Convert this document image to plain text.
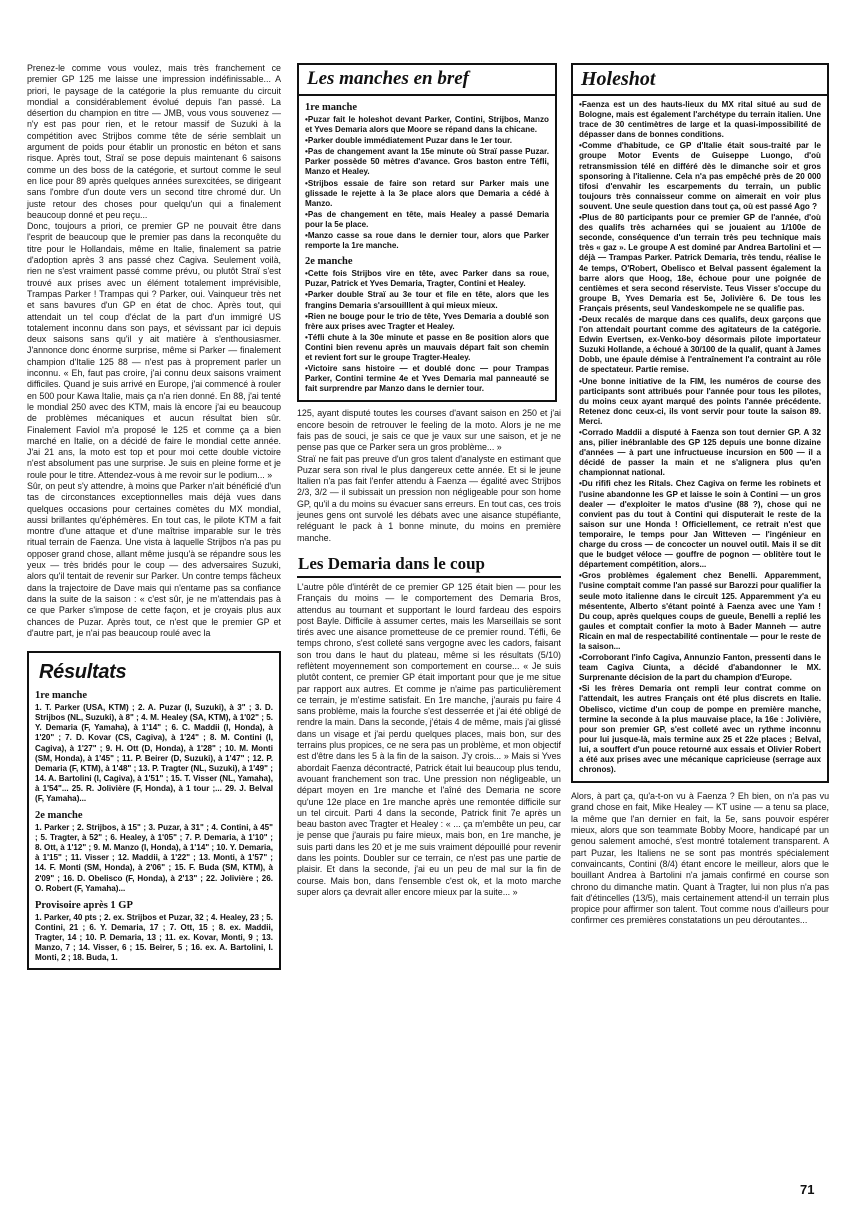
Prenez-le comme vous voulez, mais très franchement ce premier GP 125 me laisse une impression indéfinissable... A priori, le paysage de la catégorie la plus remuante du circuit mondial a considérablement évolué depuis l'an passé. La désertion du champion en titre — JMB, vous vous souvenez — n'y est pas pour rien, et le retour massif de Suzuki à la compétition avec Strijbos comme tête de série semblait un argument de poids pour établir un pronostic en béton et sans risque. Après tout, Straï se pose depuis maintenant 6 saisons comme un des boss de la catégorie, et surtout comme le seul en lice pour 89 après quelques années surexcitées, se dirigeant sans l'ombre d'un doute vers un second titre chromé dur. Un juste retour des choses pour quelqu'un qui a finalement beaucoup donné et peu reçu...

Donc, toujours a priori, ce premier GP ne pouvait être dans l'esprit de beaucoup que le premier pas dans la reconquête du titre pour le Hollandais, même en Italie, finalement sa patrie d'adoption après 3 ans passé chez Cagiva. Seulement voilà, rien ne s'est vraiment passé comme prévu, ou plutôt Straï s'est trouvé aux prises avec un élément totalement imprévisible, Trampas Parker ! Trampas qui ? Parker, oui. Vainqueur très net et sans bavures d'un GP en état de choc. Après tout, qui attendait un tel coup d'éclat de la part d'un immigré US totalement inconnu dans son pays, et sévissant par ici depuis deux saisons sans qu'il y ait matière à s'enthousiasmer. J'annonce donc énorme surprise, même si Parker — finalement champion d'Italie 125 88 — n'est pas à proprement parler un inconnu. « Eh, faut pas croire, j'ai connu deux saisons vraiment difficiles. Quand je suis arrivé en Europe, j'ai commencé à rouler en 500 pour Kawa Italie, mais ça n'a rien donné. En 88, j'ai tenté le mondial 250 avec des KTM, mais là encore j'ai eu beaucoup de problèmes mécaniques et aucun résultat bien sûr. Finalement Faviol m'a proposé le 125 et comme ça a bien marché en Italie, on a décidé de faire le mondial cette année. J'ai 21 ans, la moto est top et pour moi cette double victoire n'est absolument pas une surprise. Je suis en pleine forme et je roule pour le titre. Attendez-vous à me revoir sur le podium... »

Sûr, on peut s'y attendre, à moins que Parker n'ait bénéficié d'un tas de circonstances exceptionnelles mais déjà vues dans quelques occasions pour certaines comètes du MX mondial, aussi brillantes qu'éphémères. En tout cas, le pilote KTM a fait montre d'une attaque et d'une maîtrise imparable sur le très ritual terrain de Faenza. Une vista à laquelle Strijbos n'a pas pu opposer grand chose, allant même jusqu'à se répandre sous les yeux — très bridés pour le coup — des adversaires Suzuki, alors qu'il tentait de revenir sur Parker. Un contre temps fâcheux dans la trajectoire de Dave mais qui n'entame pas sa confiance dans la suite de la saison : « c'est sûr, je ne m'attendais pas à ce que Parker s'impose de cette façon, et je croyais plus aux chances de Puzar. Après tout, ce n'est que le premier GP et d'autre part, je n'ai pas beaucoup roulé avec la

Résultats
1re manche

1. T. Parker (USA, KTM) ; 2. A. Puzar (I, Suzuki), à 3" ; 3. D. Strijbos (NL, Suzuki), à 8" ; 4. M. Healey (SA, KTM), à 1'02" ; 5. Y. Demaria (F, Yamaha), à 1'14" ; 6. C. Maddii (I, Honda), à 1'20" ; 7. D. Kovar (CS, Cagiva), à 1'24" ; 8. M. Contini (I, Cagiva), à 1'27" ; 9. H. Ott (D, Honda), à 1'28" ; 10. M. Monti (SM, Honda), à 1'45" ; 11. P. Beirer (D, Suzuki), à 1'47" ; 12. P. Demaria (F, KTM), à 1'48" ; 13. P. Tragter (NL, Suzuki), à 1'49" ; 14. A. Bartolini (I, Cagiva), à 1'51" ; 15. T. Visser (NL, Yamaha), à 1'54"... 25. R. Jolivière (F, Honda), à 1 tour ;... 29. J. Belval (F, Yamaha)...

2e manche

1. Parker ; 2. Strijbos, à 15" ; 3. Puzar, à 31" ; 4. Contini, à 45" ; 5. Tragter, à 52" ; 6. Healey, à 1'05" ; 7. P. Demaria, à 1'10" ; 8. Ott, à 1'12" ; 9. M. Manzo (I, Honda), à 1'14" ; 10. Y. Demaria, à 1'15" ; 11. Visser ; 12. Maddii, à 1'22" ; 13. Monti, à 1'57" ; 14. F. Monti (SM, Honda), à 2'06" ; 15. F. Buda (SM, KTM), à 2'09" ; 16. D. Obelisco (F, Honda), à 2'13" ; 22. Jolivière ; 26. O. Robert (F, Yamaha)...

Provisoire après 1 GP

1. Parker, 40 pts ; 2. ex. Strijbos et Puzar, 32 ; 4. Healey, 23 ; 5. Contini, 21 ; 6. Y. Demaria, 17 ; 7. Ott, 15 ; 8. ex. Maddii, Tragter, 14 ; 10. P. Demaria, 13 ; 11. ex. Kovar, Monti, 9 ; 13. Manzo, 7 ; 14. Visser, 6 ; 15. Beirer, 5 ; 16. ex. A. Bartolini, I. Monti, 2 ; 18. Buda, 1.

Les manches en bref
1re manche

• Puzar fait le holeshot devant Parker, Contini, Strijbos, Manzo et Yves Demaria alors que Moore se répand dans la chicane.

• Parker double immédiatement Puzar dans le 1er tour.

• Pas de changement avant la 15e minute où Straï passe Puzar. Parker possède 50 mètres d'avance. Gros baston entre Téfli, Manzo et Healey.

• Strijbos essaie de faire son retard sur Parker mais une glissade le rejette à la 3e place alors que Demaria a cédé à Manzo.

• Pas de changement en tête, mais Healey a passé Demaria pour la 5e place.

• Manzo casse sa roue dans le dernier tour, alors que Parker remporte la 1re manche.

2e manche

• Cette fois Strijbos vire en tête, avec Parker dans sa roue, Puzar, Patrick et Yves Demaria, Tragter, Contini et Healey.

• Parker double Straï au 3e tour et file en tête, alors que les frangins Demaria s'arsouilllent à qui mieux mieux.

• Rien ne bouge pour le trio de tête, Yves Demaria a doublé son frère aux prises avec Tragter et Healey.

• Téfli chute à la 30e minute et passe en 8e position alors que Contini bien revenu après un mauvais départ fait son chemin et revient fort sur le groupe Tragter-Healey.

• Victoire sans histoire — et doublé donc — pour Trampas Parker, Contini termine 4e et Yves Demaria mal panneauté se fait surprendre par Manzo dans le dernier tour.

125, ayant disputé toutes les courses d'avant saison en 250 et j'ai encore besoin de retrouver le feeling de la moto. Alors je ne me fais pas de souci, je sais ce que je vaux sur une saison, et je ne pense pas que ce Parker sera un gros problème... »

Straï ne fait pas preuve d'un gros talent d'analyste en estimant que Puzar sera son rival le plus dangereux cette année. Et si le jeune Italien n'a pas fait l'enfer attendu à Faenza — égalité avec Strijbos 2/3, 3/2 — il subissait un pression non négligeable pour son home GP, qu'il a du moins su évacuer sans erreurs. En tout cas, ces trois jeunes gens ont survolé les débats avec une aisance stupéfiante, reléguant le pack à 1 bonne minute, du moins en première manche.

Les Demaria dans le coup

L'autre pôle d'intérêt de ce premier GP 125 était bien — pour les Français du moins — le comportement des Demaria Bros, attendus au tournant et supportant le lourd fardeau des espoirs post Bayle. Difficile à assumer certes, mais les Marseillais se sont tirés avec une aisance prometteuse de ce premier round. Téfli, 6e temps chrono, s'est colleté sans vergogne avec les cadors, faisant son trou dans le haut du plateau, même si les résultats (5/10) reflètent moyennement son comportement en course... « Je suis plutôt content, ce premier GP était important pour que je me situe par rapport aux autres. Et comme je n'aime pas particulièrement ce terrain, je m'estime satisfait. En 1re manche, j'aurais pu faire 4 sans problème, mais la fourche s'est desserrée et j'ai été obligé de rendre la main. Dans la seconde, j'étais 4 de même, mais j'ai glissé dans un visage et j'ai perdu quelques places, mais bon, sur des terrains plus propices, ce ne sera pas un problème, et mon objectif est d'être dans les 5 à la fin de la saison. J'y crois... » Mais si Yves abordait Faenza décontracté, Patrick était lui beaucoup plus tendu, avouant franchement son trac. Une pression non négligeable, un départ moyen en 1re manche et l'aîné des Demaria ne score qu'une 12e place en 1re manche après une remontée difficile sur un tel circuit. Parti 4 dans la seconde, Patrick finit 7e après un beau baston avec Tragter et Healey : « ... ça m'embête un peu, car je pense que j'aurais pu faire mieux, mais bon, en 1re manche, je suis parti dans les 20 et je me suis vraiment dépouillé pour revenir dans les points. Doubler sur ce terrain, ce n'est pas une partie de plaisir. Et dans la seconde, j'ai eu un peu de mal sur la fin de course. Mais bon, dans l'ensemble c'est ok, et la moto marche super alors ça devrait aller encore mieux par la suite... »

Holeshot

• Faenza est un des hauts-lieux du MX rital situé au sud de Bologne, mais est également l'archétype du terrain italien. Une trace de 30 centimètres de large et la quasi-impossibilité de dépasser dans de bonnes conditions.

• Comme d'habitude, ce GP d'Italie était sous-traité par le groupe Motor Events de Guiseppe Luongo, d'où retransmission télé en différé dès le dimanche soir et gros sponsoring à l'italienne. Cela n'a pas empêché près de 20 000 tifosi d'envahir les escarpements du terrain, un public toujours très connaisseur comme on aimerait en voir plus souvent. Une seule question dans tout ça, où est passé Ago ?

• Plus de 80 participants pour ce premier GP de l'année, d'où des qualifs très acharnées qui se jouaient au 1/100e de seconde, conséquence d'un terrain très peu technique mais très « gaz ». Le groupe A est dominé par Andrea Bartolini et — déjà — Trampas Parker. Patrick Demaria, très tendu, réalise le 4e temps, O'Robert, Obelisco et Belval passent également la barre alors que Hoog, 18e, échoue pour une poignée de centièmes et sera second réserviste. Teus Visser s'occupe du groupe B, Yves Demaria est 5e, Jolivière 6. De tous les Français présents, seul Vandeskompele ne se qualifie pas.

• Deux recalés de marque dans ces qualifs, deux garçons que l'on attendait pourtant comme des agitateurs de la catégorie. Edwin Evertsen, ex-Venko-boy désormais pilote importateur Suzuki Hollande, a échoué à 30/100 de la qualif, quant à James Dobb, une épaule démise à l'entraînement l'a contraint au rôle de spectateur. Partie remise.

• Une bonne initiative de la FIM, les numéros de course des participants sont attribués pour l'année pour tous les pilotes, du moins ceux ayant marqué des points l'année précédente. Retenez donc ceux-ci, ils vont servir pour toute la saison 89. Merci.

• Corrado Maddii a disputé à Faenza son tout dernier GP. A 32 ans, pilier inébranlable des GP 125 depuis une bonne dizaine d'années — à part une infructueuse incursion en 500 — il a décidé de passer la main et ne s'alignera plus qu'en championnat national.

• Du rififi chez les Ritals. Chez Cagiva on ferme les robinets et l'usine abandonne les GP et laisse le soin à Contini — un gros dealer — d'exploiter le matos d'usine (88 ?), chose qui ne convient pas du tout à Contini qui disputerait le reste de la saison sur une Honda ! Officiellement, ce retrait n'est que temporaire, le temps pour Jan Witteven — l'ingénieur en charge du cross — de concocter un nouvel outil. Mais il se dit que le budget véloce — gouffre de pognon — oblitère tout le département compétition, alors...

• Gros problèmes également chez Benelli. Apparemment, l'usine comptait comme l'an passé sur Barozzi pour qualifier la seule moto italienne dans le circuit 125. Apparemment y'a eu mésentente, Alberto s'étant pointé à Faenza avec une Yam ! Du coup, après quelques coups de gueule, Benelli a replié les gaules et comptait confier la moto à Bader Manneh — autre Ricain en mal de respectabilité continentale — pour le reste de la saison...

• Corroborant l'info Cagiva, Annunzio Fanton, pressenti dans le team Cagiva Ciunta, a décidé d'abandonner le MX. Surprenante décision de la part du champion d'Europe.

• Si les frères Demaria ont rempli leur contrat comme on l'attendait, les autres Français ont été plus discrets en Italie. Obelisco, victime d'un coup de pompe en première manche, termine la seconde à la plus mauvaise place, la 16e : Jolivière, pour son premier GP, s'est colleté avec un rythme inconnu pour lui jusque-là, mais termine aux 25 et 22e places ; Belval, lui, a souffert d'un pouce retourné aux essais et Olivier Robert a été aux prises avec une mécanique capricieuse (serrage aux chronos).

Alors, à part ça, qu'a-t-on vu à Faenza ? Eh bien, on n'a pas vu grand chose en fait, Mike Healey — KT usine — a tenu sa place, la même que l'an dernier en fait, la 5e, sans pouvoir espérer mieux, alors que son teammate Bobby Moore, handicapé par un genou salement amoché, s'est montré totalement transparent. A part Puzar, les Italiens ne se sont pas montrés spécialement convaincants, Contini (8/4) étant encore le meilleur, alors que le bouillant Andrea à Bartolini n'a jamais confirmé en course son chrono du dimanche matin. Quant à Tragter, lui non plus n'a pas fait d'étincelles (13/5), mais certainement attend-il un terrain plus propice pour affirmer son talent. Tout comme nous d'ailleurs pour confirmer ces premières constatations un peu déroutantes...

71
